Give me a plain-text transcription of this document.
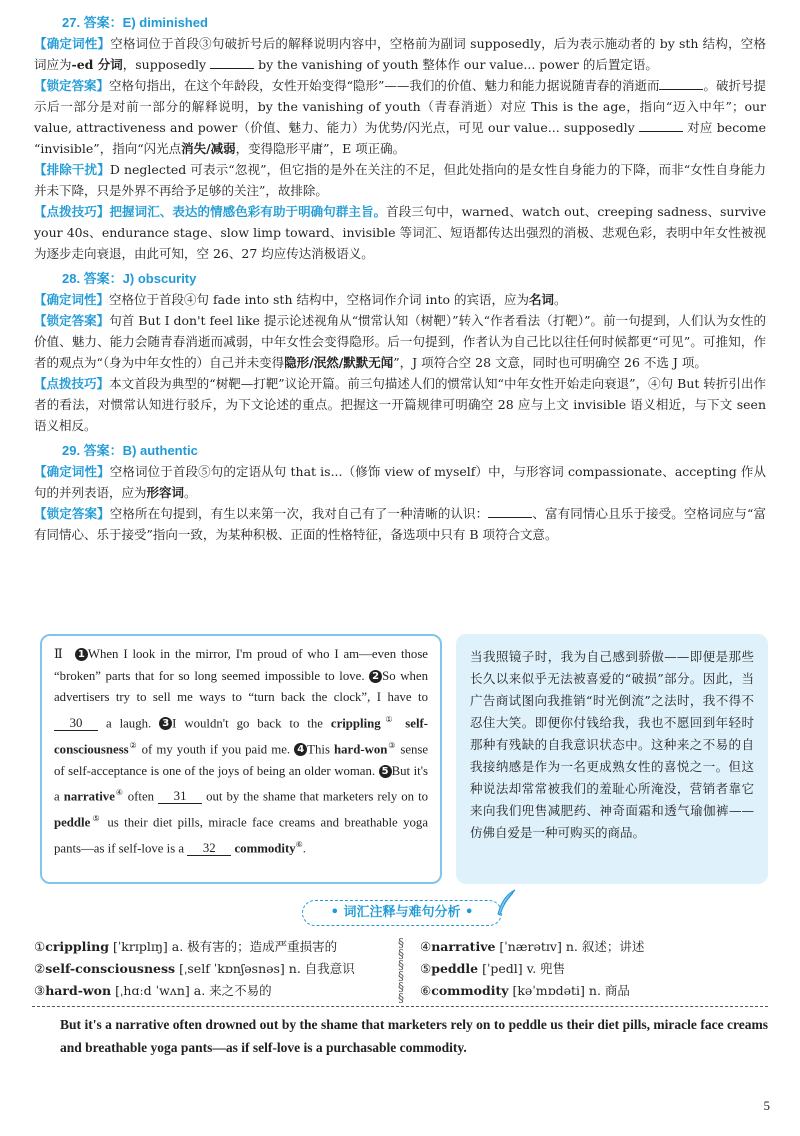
27. 答案：E) diminished

【确定词性】空格词位于首段③句破折号后的解释说明内容中，空格前为副词 supposedly，后为表示施动者的 by sth 结构，空格词应为-ed 分词，supposedly	by the vanishing of youth 整体作 our value... power 的后置定语。

【锁定答案】空格句指出，在这个年龄段，女性开始变得“隐形”——我们的价值、魅力和能力据说随青春的消逝而	。破折号提示后一部分是对前一部分的解释说明，by the vanishing of youth（青春消逝）对应 This is the age，指向“迈入中年”；our value, attractiveness and power（价值、魅力、能力）为优势/闪光点，可见 our value... supposedly	对应 become “invisible”，指向“闪光点消失/减弱，变得隐形平庸”，E 项正确。

【排除干扰】D neglected 可表示“忽视”，但它指的是外在关注的不足，但此处指向的是女性自身能力的下降，而非“女性自身能力并未下降，只是外界不再给予足够的关注”，故排除。

【点拨技巧】把握词汇、表达的情感色彩有助于明确句群主旨。首段三句中，warned、watch out、creeping sadness、survive your 40s、endurance stage、slow limp toward、invisible 等词汇、短语都传达出强烈的消极、悲观色彩，表明中年女性被视为逐步走向衰退，由此可知，空 26、27 均应传达消极语义。

28. 答案：J) obscurity

【确定词性】空格位于首段④句 fade into sth 结构中，空格词作介词 into 的宾语，应为名词。

【锁定答案】句首 But I don't feel like 提示论述视角从“惯常认知（树靶）”转入“作者看法（打靶）”。前一句提到，人们认为女性的价值、魅力、能力会随青春消逝而减弱，中年女性会变得隐形。后一句提到，作者认为自己比以往任何时候都更“可见”。可推知，作者的观点为“（身为中年女性的）自己并未变得隐形/泯然/默默无闻”，J 项符合空 28 文意，同时也可明确空 26 不选 J 项。

【点拨技巧】本文首段为典型的“树靶—打靶”议论开篇。前三句描述人们的惯常认知“中年女性开始走向衰退”，④句 But 转折引出作者的看法，对惯常认知进行驳斥，为下文论述的重点。把握这一开篇规律可明确空 28 应与上文 invisible 语义相近，与下文 seen 语义相反。

29. 答案：B) authentic

【确定词性】空格词位于首段⑤句的定语从句 that is...（修饰 view of myself）中，与形容词 compassionate、accepting 作从句的并列表语，应为形容词。

【锁定答案】空格所在句提到，有生以来第一次，我对自己有了一种清晰的认识：	、富有同情心且乐于接受。空格词应与“富有同情心、乐于接受”指向一致，为某种积极、正面的性格特征，备选项中只有 B 项符合文意。

Ⅱ 1 When I look in the mirror, I'm proud of who I am—even those “broken” parts that for so long seemed impossible to love. 2 So when advertisers try to sell me ways to “turn back the clock”, I have to 30 a laugh. 3 I wouldn't go back to the crippling① self-consciousness② of my youth if you paid me. 4 This hard-won③ sense of self-acceptance is one of the joys of being an older woman. 5 But it's a narrative④ often 31 out by the shame that marketers rely on to peddle⑤ us their diet pills, miracle face creams and breathable yoga pants—as if self-love is a 32 commodity⑥.

当我照镜子时，我为自己感到骄傲——即便是那些长久以来似乎无法被喜爱的“破损”部分。因此，当广告商试图向我推销“时光倒流”之法时，我不得不忍住大笑。即便你付钱给我，我也不愿回到年轻时那种有残缺的自我意识状态中。这种来之不易的自我接纳感是作为一名更成熟女性的喜悦之一。但这种说法却常常被我们的羞耻心所淹没，营销者靠它来向我们兜售减肥药、神奇面霜和透气瑜伽裤——仿佛自爱是一种可购买的商品。

• 词汇注释与难句分析 •
①crippling [ˈkrɪplɪŋ] a. 极有害的；造成严重损害的
②self-consciousness [ˌself ˈkɒnʃəsnəs] n. 自我意识
③hard-won [ˌhɑːd ˈwʌn] a. 来之不易的
§
§
§
§
§
§
④narrative [ˈnærətɪv] n. 叙述；讲述
⑤peddle [ˈpedl] v. 兜售
⑥commodity [kəˈmɒdəti] n. 商品

But it's a narrative often drowned out by the shame that marketers rely on to peddle us their diet pills, miracle face creams and breathable yoga pants—as if self-love is a purchasable commodity.

5
